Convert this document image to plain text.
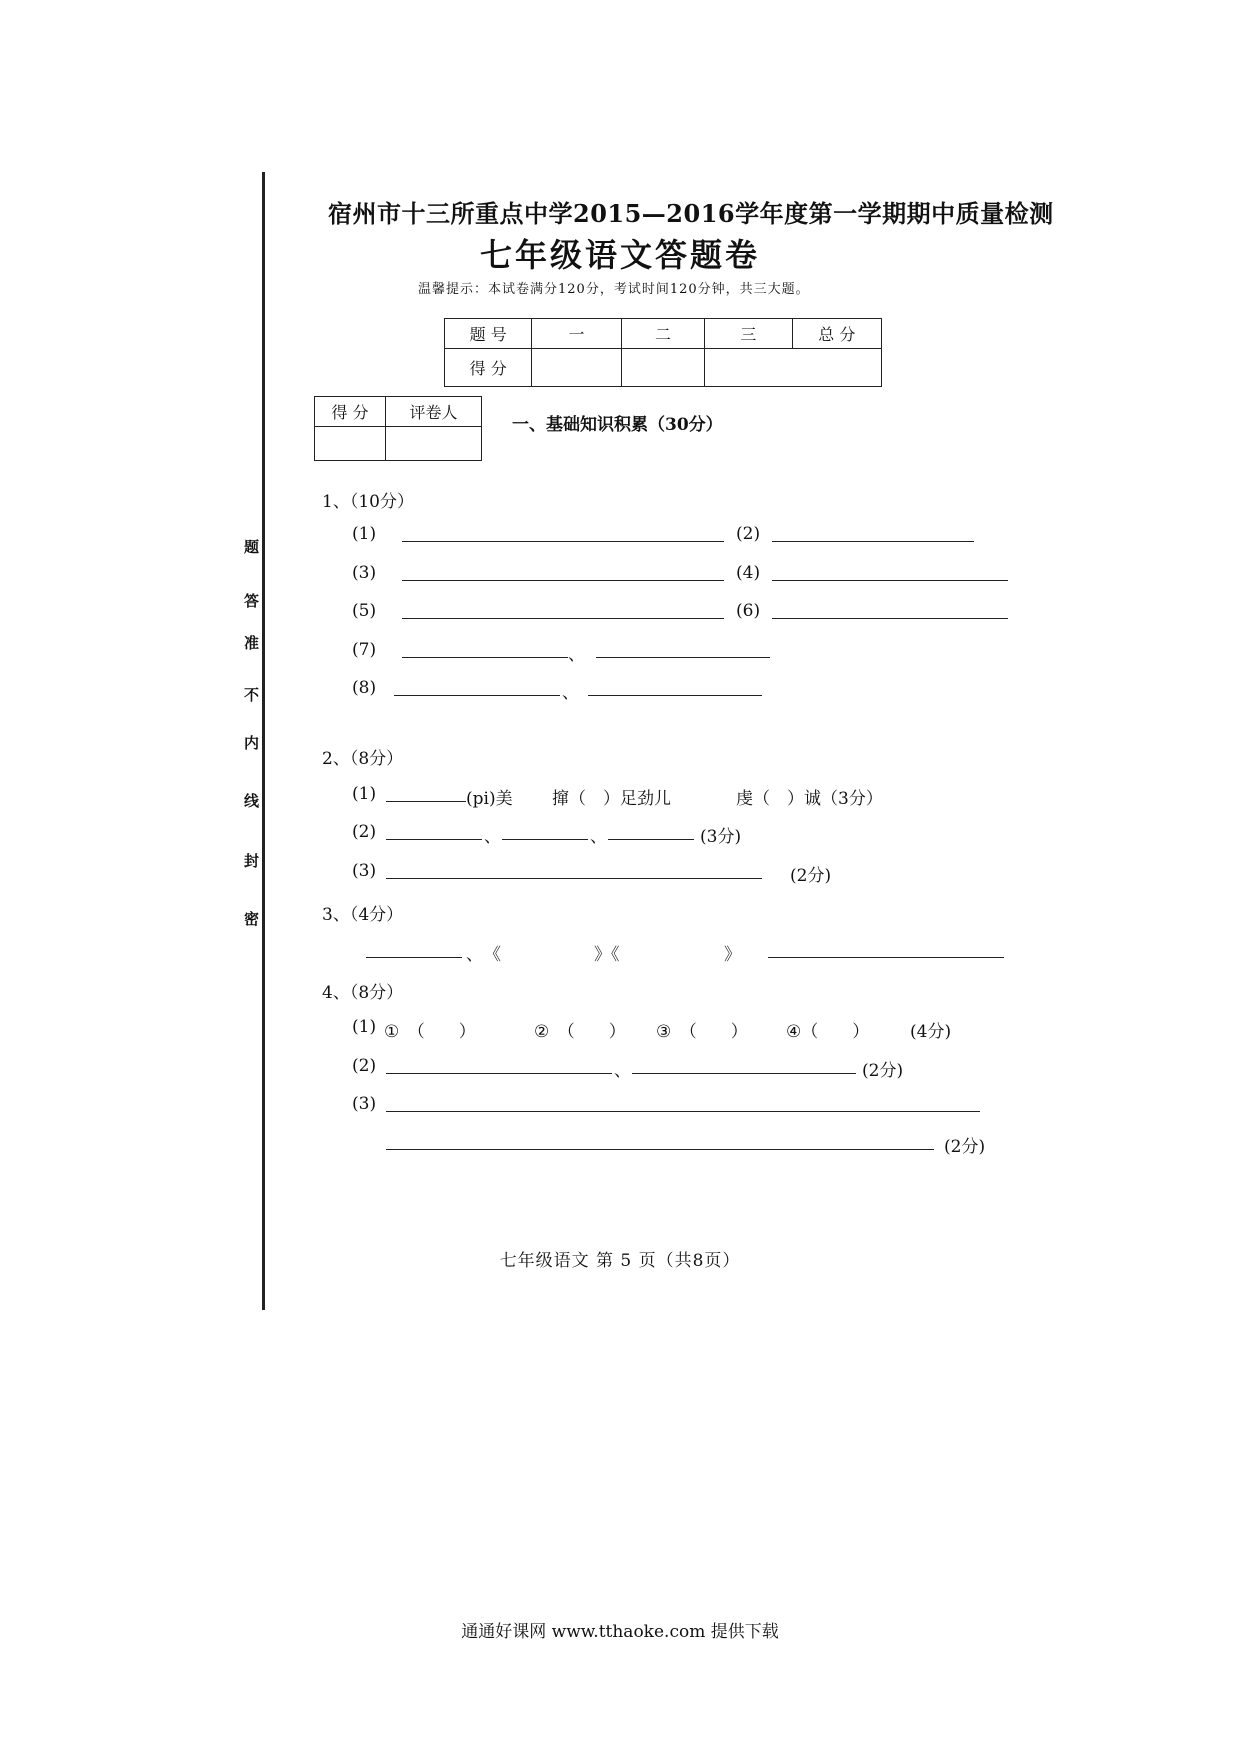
密
封
线
内
不
准
答
题
宿州市十三所重点中学2015—2016学年度第一学期期中质量检测
七年级语文答题卷
温馨提示：本试卷满分120分，考试时间120分钟，共三大题。
题 号	一	二	三	总 分
得 分				
得 分	评卷人

一、基础知识积累（30分）
1、（10分）
(1)	(2)
(3)	(4)
(5)	(6)
(7)	、
(8)	、
2、（8分）
(1)	(pi)美 撺（　）足劲儿	虔（　）诚（3分）
(2)	、	、	(3分)
(3)	(2分)
3、（4分）
、 《	》《	》
4、（8分）
(1) ①　（　　）	②　（　　） ③　（　　） ④（　　） (4分)
(2)	、	(2分)
(3)
(2分)
七年级语文 第 5 页（共8页）
通通好课网 www.tthaoke.com 提供下载
